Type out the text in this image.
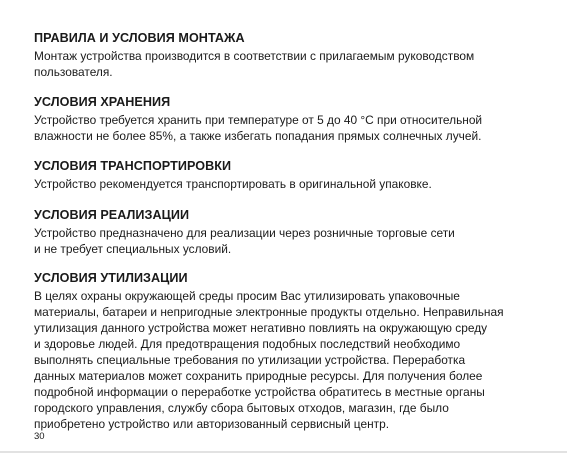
ПРАВИЛА И УСЛОВИЯ МОНТАЖА

Монтаж устройства производится в соответствии с прилагаемым руководством
пользователя.

УСЛОВИЯ ХРАНЕНИЯ

Устройство требуется хранить при температуре от 5 до 40 °С при относительной
влажности не более 85%, а также избегать попадания прямых солнечных лучей.

УСЛОВИЯ ТРАНСПОРТИРОВКИ

Устройство рекомендуется транспортировать в оригинальной упаковке.

УСЛОВИЯ РЕАЛИЗАЦИИ

Устройство предназначено для реализации через розничные торговые сети
и не требует специальных условий.

УСЛОВИЯ УТИЛИЗАЦИИ

В целях охраны окружающей среды просим Вас утилизировать упаковочные
материалы, батареи и непригодные электронные продукты отдельно. Неправильная
утилизация данного устройства может негативно повлиять на окружающую среду
и здоровье людей. Для предотвращения подобных последствий необходимо
выполнять специальные требования по утилизации устройства. Переработка
данных материалов может сохранить природные ресурсы. Для получения более
подробной информации о переработке устройства обратитесь в местные органы
городского управления, службу сбора бытовых отходов, магазин, где было
приобретено устройство или авторизованный сервисный центр.

30
